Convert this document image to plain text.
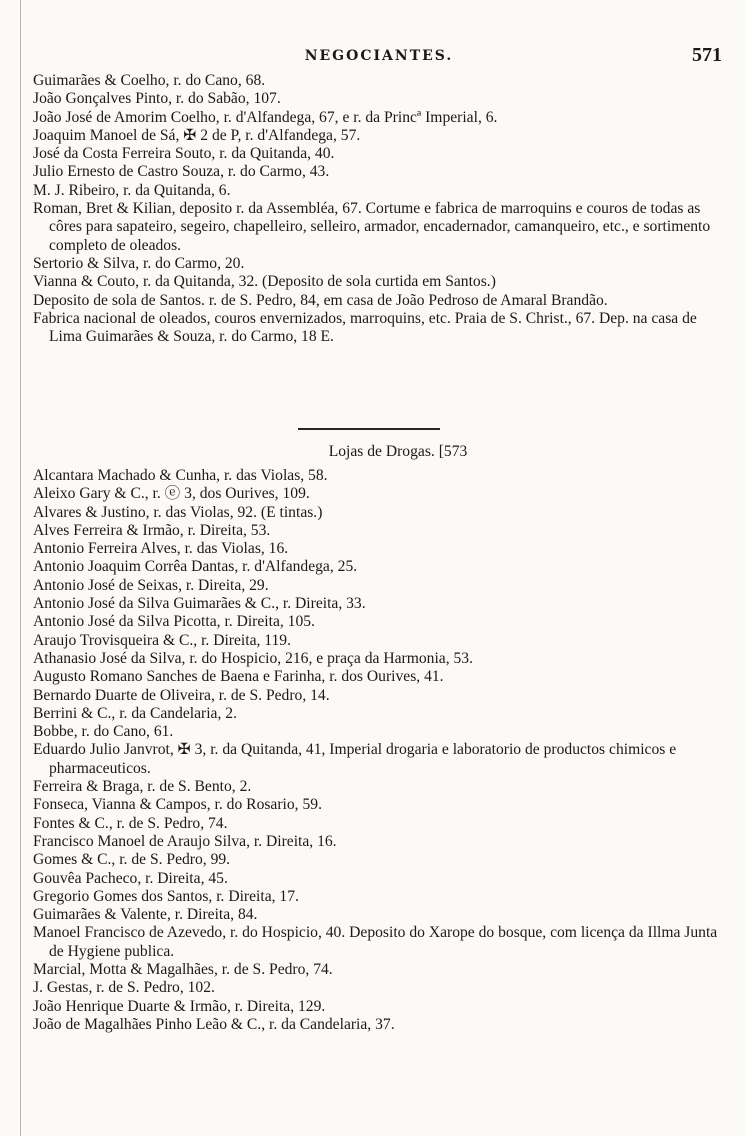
NEGOCIANTES.	571

Guimarães & Coelho, r. do Cano, 68.

João Gonçalves Pinto, r. do Sabão, 107.

João José de Amorim Coelho, r. d'Alfandega, 67, e r. da Princª Imperial, 6.

Joaquim Manoel de Sá, ✠ 2 de P, r. d'Alfandega, 57.

José da Costa Ferreira Souto, r. da Quitanda, 40.

Julio Ernesto de Castro Souza, r. do Carmo, 43.

M. J. Ribeiro, r. da Quitanda, 6.

Roman, Bret & Kilian, deposito r. da Assembléa, 67. Cortume e fabrica de marroquins e couros de todas as côres para sapateiro, segeiro, chapelleiro, selleiro, armador, encadernador, camanqueiro, etc., e sortimento completo de oleados.

Sertorio & Silva, r. do Carmo, 20.

Vianna & Couto, r. da Quitanda, 32. (Deposito de sola curtida em Santos.)

Deposito de sola de Santos. r. de S. Pedro, 84, em casa de João Pedroso de Amaral Brandão.

Fabrica nacional de oleados, couros envernizados, marroquins, etc. Praia de S. Christ., 67. Dep. na casa de Lima Guimarães & Souza, r. do Carmo, 18 E.

Lojas de Drogas. [573

Alcantara Machado & Cunha, r. das Violas, 58.

Aleixo Gary & C., r. ⓔ 3, dos Ourives, 109.

Alvares & Justino, r. das Violas, 92. (E tintas.)

Alves Ferreira & Irmão, r. Direita, 53.

Antonio Ferreira Alves, r. das Violas, 16.

Antonio Joaquim Corrêa Dantas, r. d'Alfandega, 25.

Antonio José de Seixas, r. Direita, 29.

Antonio José da Silva Guimarães & C., r. Direita, 33.

Antonio José da Silva Picotta, r. Direita, 105.

Araujo Trovisqueira & C., r. Direita, 119.

Athanasio José da Silva, r. do Hospicio, 216, e praça da Harmonia, 53.

Augusto Romano Sanches de Baena e Farinha, r. dos Ourives, 41.

Bernardo Duarte de Oliveira, r. de S. Pedro, 14.

Berrini & C., r. da Candelaria, 2.

Bobbe, r. do Cano, 61.

Eduardo Julio Janvrot, ✠ 3, r. da Quitanda, 41, Imperial drogaria e laboratorio de productos chimicos e pharmaceuticos.

Ferreira & Braga, r. de S. Bento, 2.

Fonseca, Vianna & Campos, r. do Rosario, 59.

Fontes & C., r. de S. Pedro, 74.

Francisco Manoel de Araujo Silva, r. Direita, 16.

Gomes & C., r. de S. Pedro, 99.

Gouvêa Pacheco, r. Direita, 45.

Gregorio Gomes dos Santos, r. Direita, 17.

Guimarães & Valente, r. Direita, 84.

Manoel Francisco de Azevedo, r. do Hospicio, 40. Deposito do Xarope do bosque, com licença da Illma Junta de Hygiene publica.

Marcial, Motta & Magalhães, r. de S. Pedro, 74.

J. Gestas, r. de S. Pedro, 102.

João Henrique Duarte & Irmão, r. Direita, 129.

João de Magalhães Pinho Leão & C., r. da Candelaria, 37.
